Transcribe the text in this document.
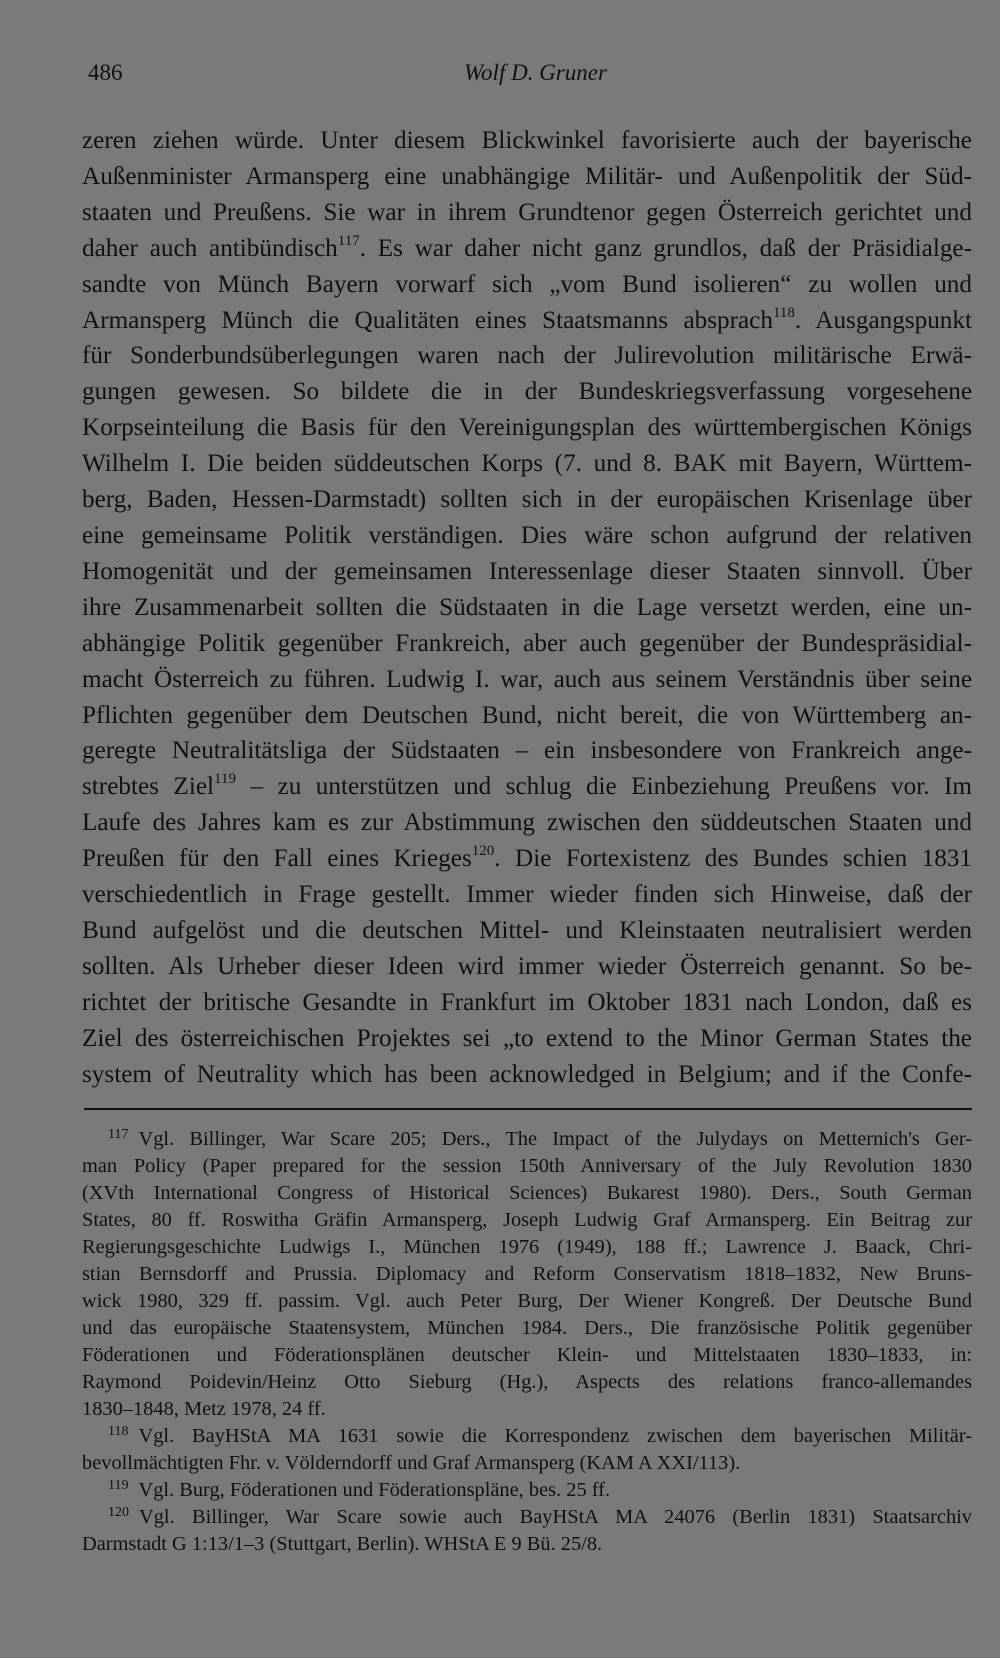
486	Wolf D. Gruner
zeren ziehen würde. Unter diesem Blickwinkel favorisierte auch der bayerische
Außenminister Armansperg eine unabhängige Militär- und Außenpolitik der Süd-
staaten und Preußens. Sie war in ihrem Grundtenor gegen Österreich gerichtet und
daher auch antibündisch$^{117}$. Es war daher nicht ganz grundlos, daß der Präsidialge-
sandte von Münch Bayern vorwarf sich „vom Bund isolieren“ zu wollen und
Armansperg Münch die Qualitäten eines Staatsmanns absprach$^{118}$. Ausgangspunkt
für Sonderbundsüberlegungen waren nach der Julirevolution militärische Erwä-
gungen gewesen. So bildete die in der Bundeskriegsverfassung vorgesehene
Korpseinteilung die Basis für den Vereinigungsplan des württembergischen Königs
Wilhelm I. Die beiden süddeutschen Korps (7. und 8. BAK mit Bayern, Württem-
berg, Baden, Hessen-Darmstadt) sollten sich in der europäischen Krisenlage über
eine gemeinsame Politik verständigen. Dies wäre schon aufgrund der relativen
Homogenität und der gemeinsamen Interessenlage dieser Staaten sinnvoll. Über
ihre Zusammenarbeit sollten die Südstaaten in die Lage versetzt werden, eine un-
abhängige Politik gegenüber Frankreich, aber auch gegenüber der Bundespräsidial-
macht Österreich zu führen. Ludwig I. war, auch aus seinem Verständnis über seine
Pflichten gegenüber dem Deutschen Bund, nicht bereit, die von Württemberg an-
geregte Neutralitätsliga der Südstaaten – ein insbesondere von Frankreich ange-
strebtes Ziel$^{119}$ – zu unterstützen und schlug die Einbeziehung Preußens vor. Im
Laufe des Jahres kam es zur Abstimmung zwischen den süddeutschen Staaten und
Preußen für den Fall eines Krieges$^{120}$. Die Fortexistenz des Bundes schien 1831
verschiedentlich in Frage gestellt. Immer wieder finden sich Hinweise, daß der
Bund aufgelöst und die deutschen Mittel- und Kleinstaaten neutralisiert werden
sollten. Als Urheber dieser Ideen wird immer wieder Österreich genannt. So be-
richtet der britische Gesandte in Frankfurt im Oktober 1831 nach London, daß es
Ziel des österreichischen Projektes sei „to extend to the Minor German States the
system of Neutrality which has been acknowledged in Belgium; and if the Confe-
$^{117}$ Vgl. Billinger, War Scare 205; Ders., The Impact of the Julydays on Metternich's Ger-
man Policy (Paper prepared for the session 150th Anniversary of the July Revolution 1830
(XVth International Congress of Historical Sciences) Bukarest 1980). Ders., South German
States, 80 ff. Roswitha Gräfin Armansperg, Joseph Ludwig Graf Armansperg. Ein Beitrag zur
Regierungsgeschichte Ludwigs I., München 1976 (1949), 188 ff.; Lawrence J. Baack, Chri-
stian Bernsdorff and Prussia. Diplomacy and Reform Conservatism 1818–1832, New Bruns-
wick 1980, 329 ff. passim. Vgl. auch Peter Burg, Der Wiener Kongreß. Der Deutsche Bund
und das europäische Staatensystem, München 1984. Ders., Die französische Politik gegenüber
Föderationen und Föderationsplänen deutscher Klein- und Mittelstaaten 1830–1833, in:
Raymond Poidevin/Heinz Otto Sieburg (Hg.), Aspects des relations franco-allemandes
1830–1848, Metz 1978, 24 ff.
$^{118}$ Vgl. BayHStA MA 1631 sowie die Korrespondenz zwischen dem bayerischen Militär-
bevollmächtigten Fhr. v. Völderndorff und Graf Armansperg (KAM A XXI/113).
$^{119}$ Vgl. Burg, Föderationen und Föderationspläne, bes. 25 ff.
$^{120}$ Vgl. Billinger, War Scare sowie auch BayHStA MA 24076 (Berlin 1831) Staatsarchiv
Darmstadt G 1:13/1–3 (Stuttgart, Berlin). WHStA E 9 Bü. 25/8.
